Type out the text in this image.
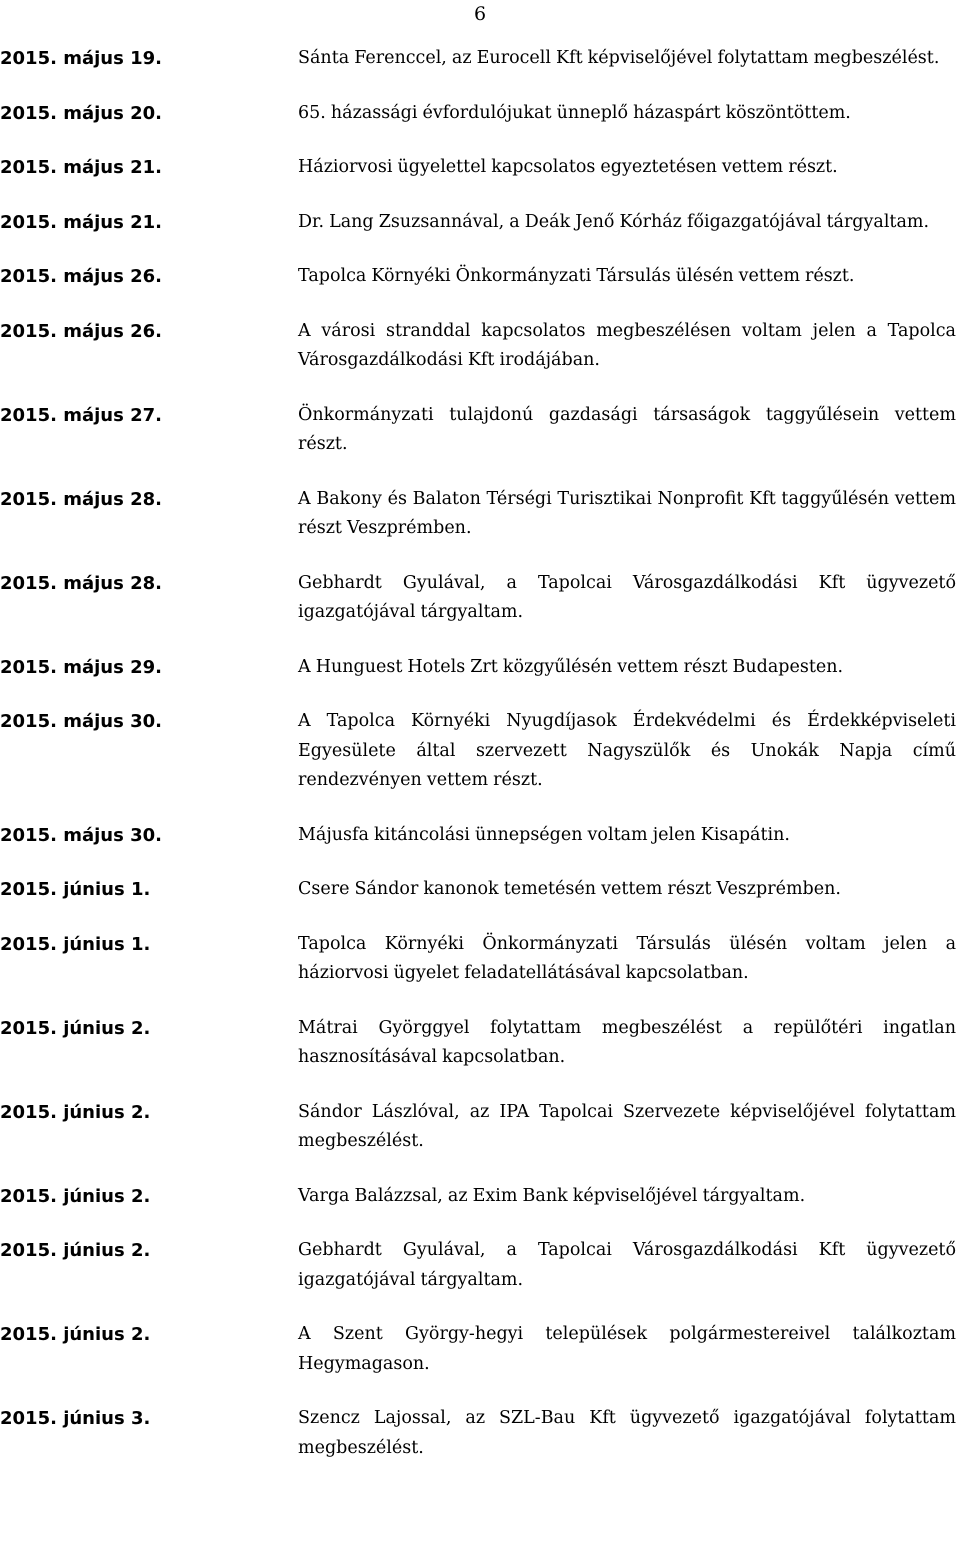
6
2015. május 19.	Sánta Ferenccel, az Eurocell Kft képviselőjével folytattam megbeszélést.
2015. május 20.	65. házassági évfordulójukat ünneplő házaspárt köszöntöttem.
2015. május 21.	Háziorvosi ügyelettel kapcsolatos egyeztetésen vettem részt.
2015. május 21.	Dr. Lang Zsuzsannával, a Deák Jenő Kórház főigazgatójával tárgyaltam.
2015. május 26.	Tapolca Környéki Önkormányzati Társulás ülésén vettem részt.
2015. május 26.	A városi stranddal kapcsolatos megbeszélésen voltam jelen a Tapolca Városgazdálkodási Kft irodájában.
2015. május 27.	Önkormányzati tulajdonú gazdasági társaságok taggyűlésein vettem részt.
2015. május 28.	A Bakony és Balaton Térségi Turisztikai Nonprofit Kft taggyűlésén vettem részt Veszprémben.
2015. május 28.	Gebhardt Gyulával, a Tapolcai Városgazdálkodási Kft ügyvezető igazgatójával tárgyaltam.
2015. május 29.	A Hunguest Hotels Zrt közgyűlésén vettem részt Budapesten.
2015. május 30.	A Tapolca Környéki Nyugdíjasok Érdekvédelmi és Érdekképviseleti Egyesülete által szervezett Nagyszülők és Unokák Napja című rendezvényen vettem részt.
2015. május 30.	Májusfa kitáncolási ünnepségen voltam jelen Kisapátin.
2015. június 1.	Csere Sándor kanonok temetésén vettem részt Veszprémben.
2015. június 1.	Tapolca Környéki Önkormányzati Társulás ülésén voltam jelen a háziorvosi ügyelet feladatellátásával kapcsolatban.
2015. június 2.	Mátrai Györggyel folytattam megbeszélést a repülőtéri ingatlan hasznosításával kapcsolatban.
2015. június 2.	Sándor Lászlóval, az IPA Tapolcai Szervezete képviselőjével folytattam megbeszélést.
2015. június 2.	Varga Balázzsal, az Exim Bank képviselőjével tárgyaltam.
2015. június 2.	Gebhardt Gyulával, a Tapolcai Városgazdálkodási Kft ügyvezető igazgatójával tárgyaltam.
2015. június 2.	A Szent György-hegyi települések polgármestereivel találkoztam Hegymagason.
2015. június 3.	Szencz Lajossal, az SZL-Bau Kft ügyvezető igazgatójával folytattam megbeszélést.
